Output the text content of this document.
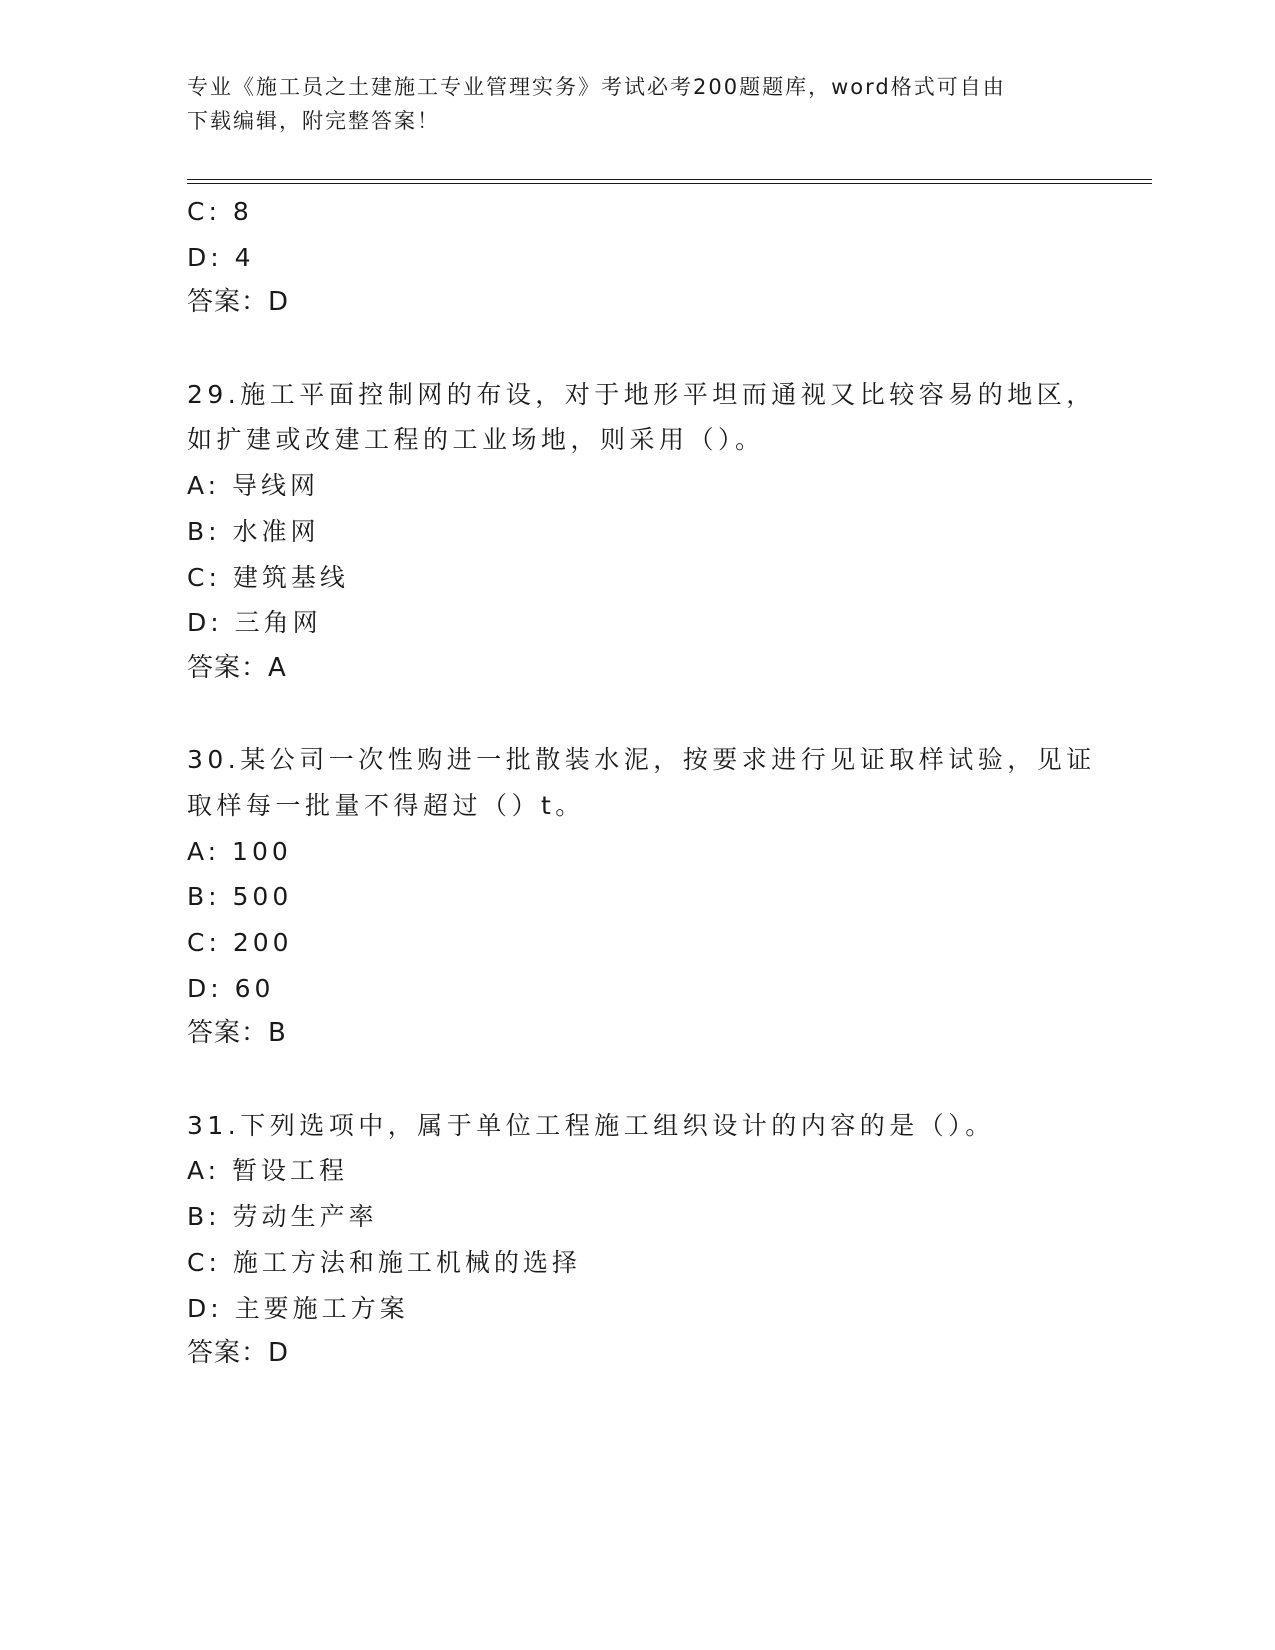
专业《施工员之土建施工专业管理实务》考试必考200题题库，word格式可自由
下载编辑，附完整答案！
C: 8
D: 4
答案：D
29.施工平面控制网的布设，对于地形平坦而通视又比较容易的地区，
如扩建或改建工程的工业场地，则采用（）。
A: 导线网
B: 水准网
C: 建筑基线
D: 三角网
答案：A
30.某公司一次性购进一批散装水泥，按要求进行见证取样试验，见证
取样每一批量不得超过（）t。
A: 100
B: 500
C: 200
D: 60
答案：B
31.下列选项中，属于单位工程施工组织设计的内容的是（）。
A: 暂设工程
B: 劳动生产率
C: 施工方法和施工机械的选择
D: 主要施工方案
答案：D
